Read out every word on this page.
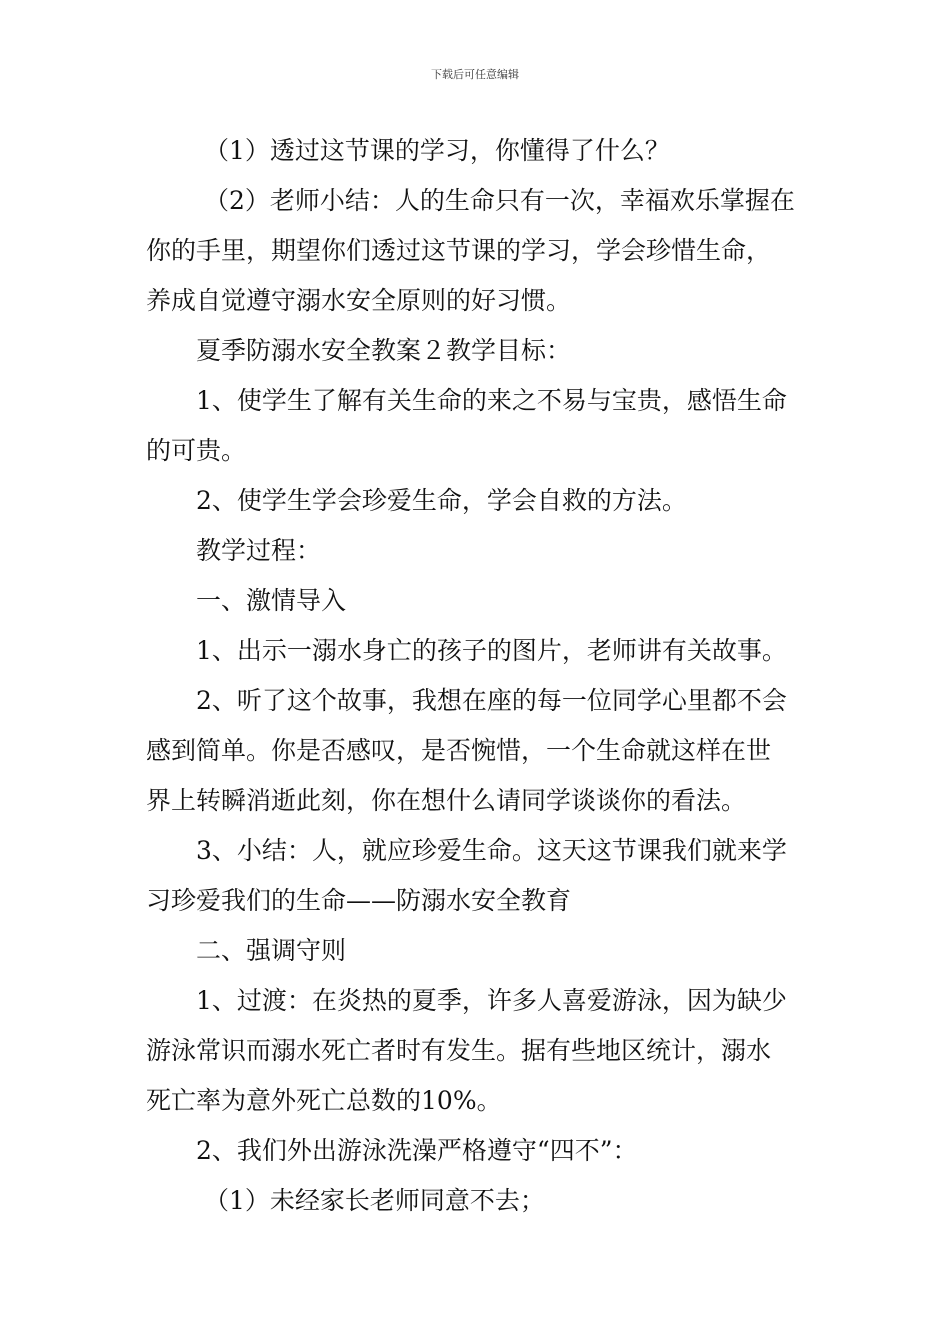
下载后可任意编辑
（1）透过这节课的学习，你懂得了什么？
（2）老师小结：人的生命只有一次，幸福欢乐掌握在
你的手里，期望你们透过这节课的学习，学会珍惜生命，
养成自觉遵守溺水安全原则的好习惯。
夏季防溺水安全教案２教学目标：
1、使学生了解有关生命的来之不易与宝贵，感悟生命
的可贵。
2、使学生学会珍爱生命，学会自救的方法。
教学过程：
一、激情导入
1、出示一溺水身亡的孩子的图片，老师讲有关故事。
2、听了这个故事，我想在座的每一位同学心里都不会
感到简单。你是否感叹，是否惋惜，一个生命就这样在世
界上转瞬消逝此刻，你在想什么请同学谈谈你的看法。
3、小结：人，就应珍爱生命。这天这节课我们就来学
习珍爱我们的生命——防溺水安全教育
二、强调守则
1、过渡：在炎热的夏季，许多人喜爱游泳，因为缺少
游泳常识而溺水死亡者时有发生。据有些地区统计，溺水
死亡率为意外死亡总数的10%。
2、我们外出游泳洗澡严格遵守“四不”：
（1）未经家长老师同意不去；
